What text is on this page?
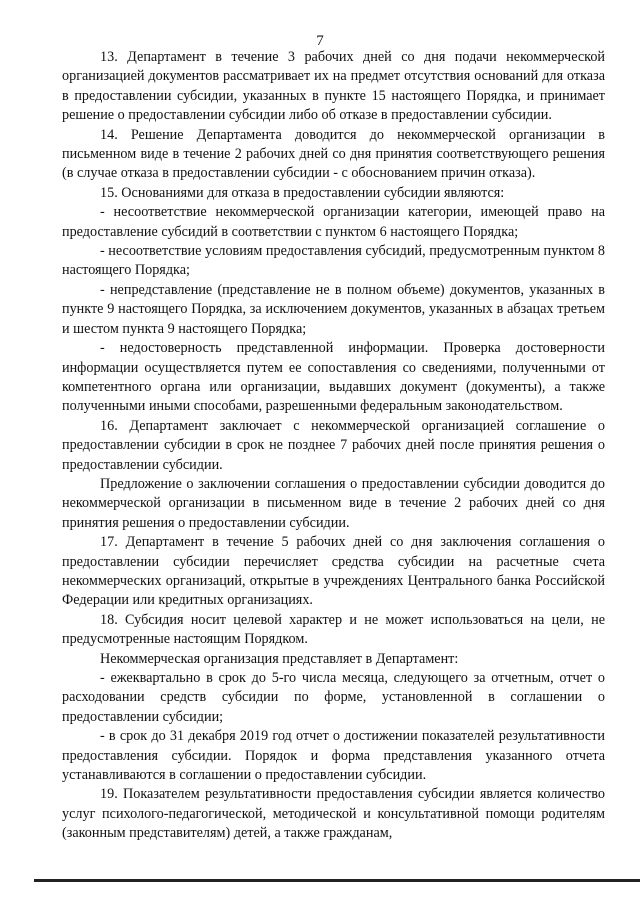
7

13. Департамент в течение 3 рабочих дней со дня подачи некоммерческой организацией документов рассматривает их на предмет отсутствия оснований для отказа в предоставлении субсидии, указанных в пункте 15 настоящего Порядка, и принимает решение о предоставлении субсидии либо об отказе в предоставлении субсидии.

14. Решение Департамента доводится до некоммерческой организации в письменном виде в течение 2 рабочих дней со дня принятия соответствующего решения (в случае отказа в предоставлении субсидии - с обоснованием причин отказа).

15. Основаниями для отказа в предоставлении субсидии являются:

- несоответствие некоммерческой организации категории, имеющей право на предоставление субсидий в соответствии с пунктом 6 настоящего Порядка;

- несоответствие условиям предоставления субсидий, предусмотренным пунктом 8 настоящего Порядка;

- непредставление (представление не в полном объеме) документов, указанных в пункте 9 настоящего Порядка, за исключением документов, указанных в абзацах третьем и шестом пункта 9 настоящего Порядка;

- недостоверность представленной информации. Проверка достоверности информации осуществляется путем ее сопоставления со сведениями, полученными от компетентного органа или организации, выдавших документ (документы), а также полученными иными способами, разрешенными федеральным законодательством.

16. Департамент заключает с некоммерческой организацией соглашение о предоставлении субсидии в срок не позднее 7 рабочих дней после принятия решения о предоставлении субсидии.

Предложение о заключении соглашения о предоставлении субсидии доводится до некоммерческой организации в письменном виде в течение 2 рабочих дней со дня принятия решения о предоставлении субсидии.

17. Департамент в течение 5 рабочих дней со дня заключения соглашения о предоставлении субсидии перечисляет средства субсидии на расчетные счета некоммерческих организаций, открытые в учреждениях Центрального банка Российской Федерации или кредитных организациях.

18. Субсидия носит целевой характер и не может использоваться на цели, не предусмотренные настоящим Порядком.

Некоммерческая организация представляет в Департамент:

- ежеквартально в срок до 5-го числа месяца, следующего за отчетным, отчет о расходовании средств субсидии по форме, установленной в соглашении о предоставлении субсидии;

- в срок до 31 декабря 2019 год отчет о достижении показателей результативности предоставления субсидии. Порядок и форма представления указанного отчета устанавливаются в соглашении о предоставлении субсидии.

19. Показателем результативности предоставления субсидии является количество услуг психолого-педагогической, методической и консультативной помощи родителям (законным представителям) детей, а также гражданам,
